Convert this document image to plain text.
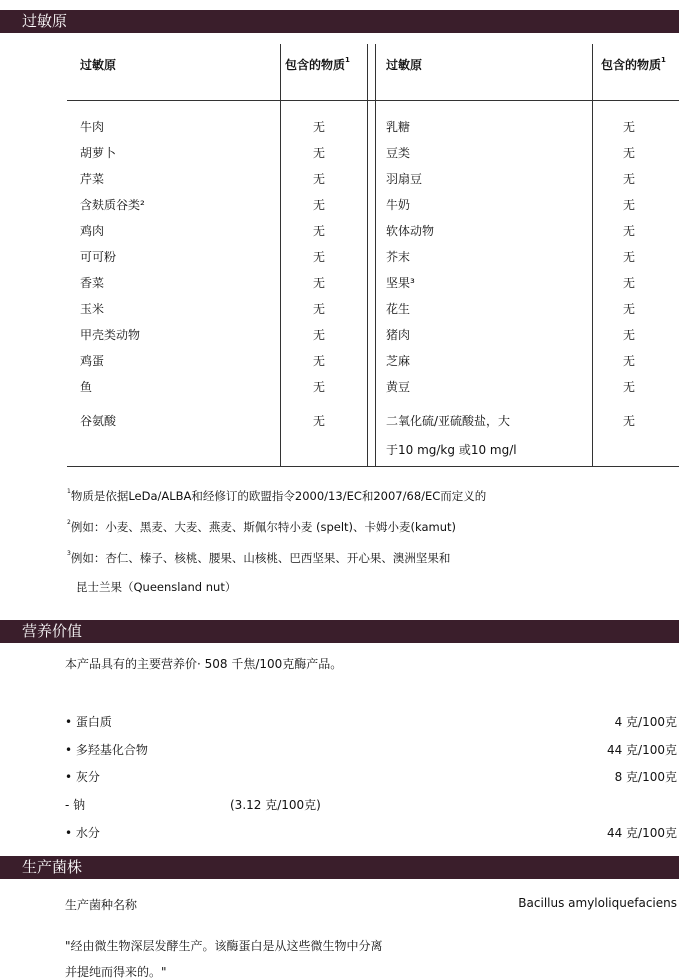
过敏原
过敏原	包含的物质$^1$	过敏原	包含的物质$^1$
牛肉	无	乳糖	无
胡萝卜	无	豆类	无
芹菜	无	羽扇豆	无
含麸质谷类²	无	牛奶	无
鸡肉	无	软体动物	无
可可粉	无	芥末	无
香菜	无	坚果³	无
玉米	无	花生	无
甲壳类动物	无	猪肉	无
鸡蛋	无	芝麻	无
鱼	无	黄豆	无
谷氨酸	无	二氧化硫/亚硫酸盐，大	无
于10 mg/kg 或10 mg/l
$^1$物质是依据LeDa/ALBA和经修订的欧盟指令2000/13/EC和2007/68/EC而定义的
$^2$例如：小麦、黑麦、大麦、燕麦、斯佩尔特小麦 (spelt)、卡姆小麦(kamut)
$^3$例如：杏仁、榛子、核桃、腰果、山核桃、巴西坚果、开心果、澳洲坚果和
昆士兰果（Queensland nut）
营养价值
本产品具有的主要营养价· 508 千焦/100克酶产品。
• 蛋白质	4 克/100克
• 多羟基化合物	44 克/100克
• 灰分	8 克/100克
- 钠	(3.12 克/100克)
• 水分	44 克/100克
生产菌株
生产菌种名称	Bacillus amyloliquefaciens
"经由微生物深层发酵生产。该酶蛋白是从这些微生物中分离
并提纯而得来的。"
